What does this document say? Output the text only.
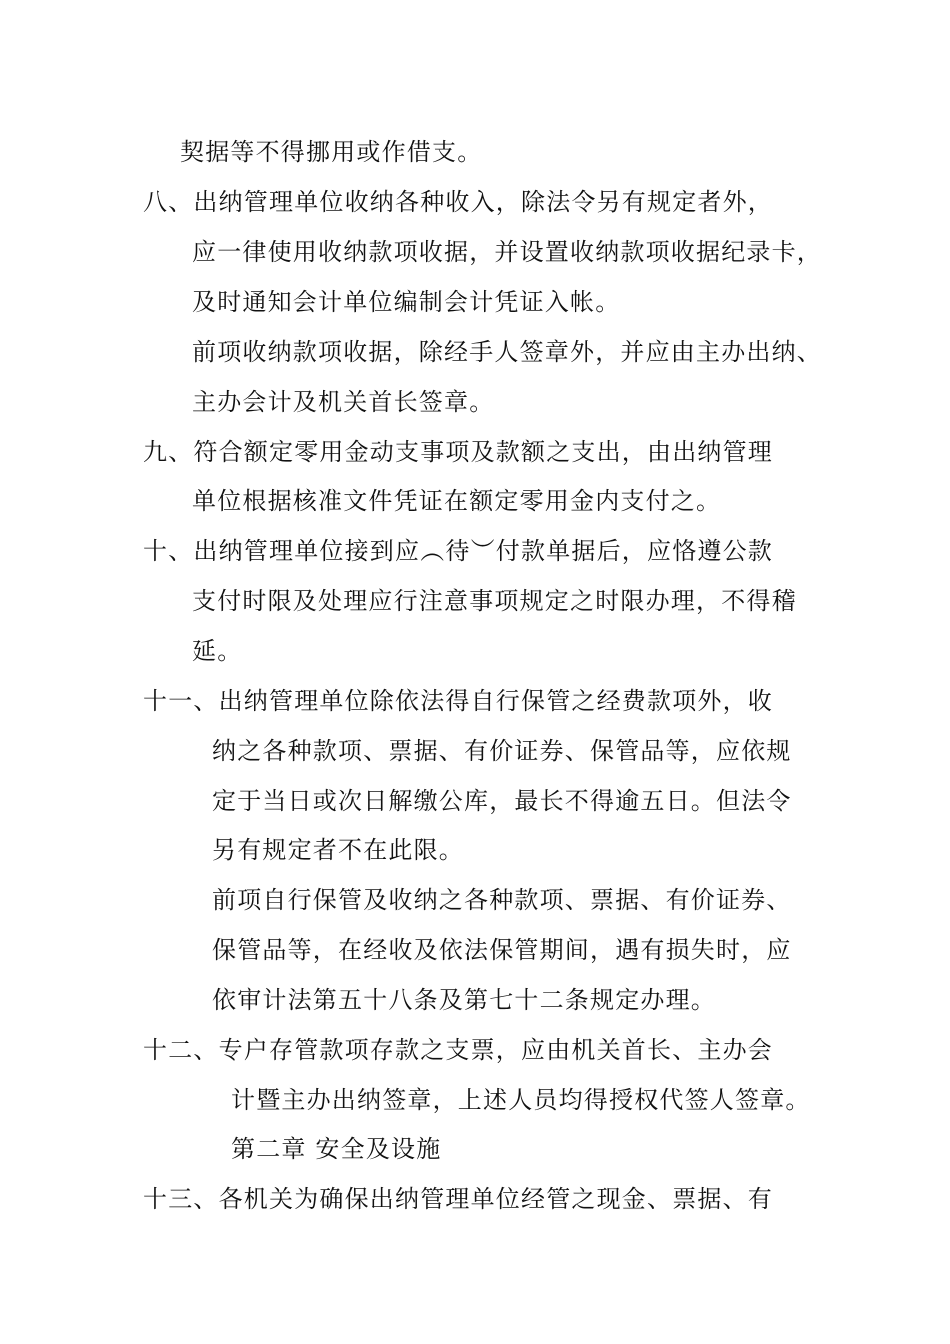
契据等不得挪用或作借支。
八、出纳管理单位收纳各种收入，除法令另有规定者外，
应一律使用收纳款项收据，并设置收纳款项收据纪录卡，
及时通知会计单位编制会计凭证入帐。
前项收纳款项收据，除经手人签章外，并应由主办出纳、
主办会计及机关首长签章。
九、符合额定零用金动支事项及款额之支出，由出纳管理
单位根据核准文件凭证在额定零用金内支付之。
十、出纳管理单位接到应︵待︶付款单据后，应恪遵公款
支付时限及处理应行注意事项规定之时限办理，不得稽
延。
十一、出纳管理单位除依法得自行保管之经费款项外，收
纳之各种款项、票据、有价证券、保管品等，应依规
定于当日或次日解缴公库，最长不得逾五日。但法令
另有规定者不在此限。
前项自行保管及收纳之各种款项、票据、有价证券、
保管品等，在经收及依法保管期间，遇有损失时，应
依审计法第五十八条及第七十二条规定办理。
十二、专户存管款项存款之支票，应由机关首长、主办会
计暨主办出纳签章，上述人员均得授权代签人签章。
第二章 安全及设施
十三、各机关为确保出纳管理单位经管之现金、票据、有
